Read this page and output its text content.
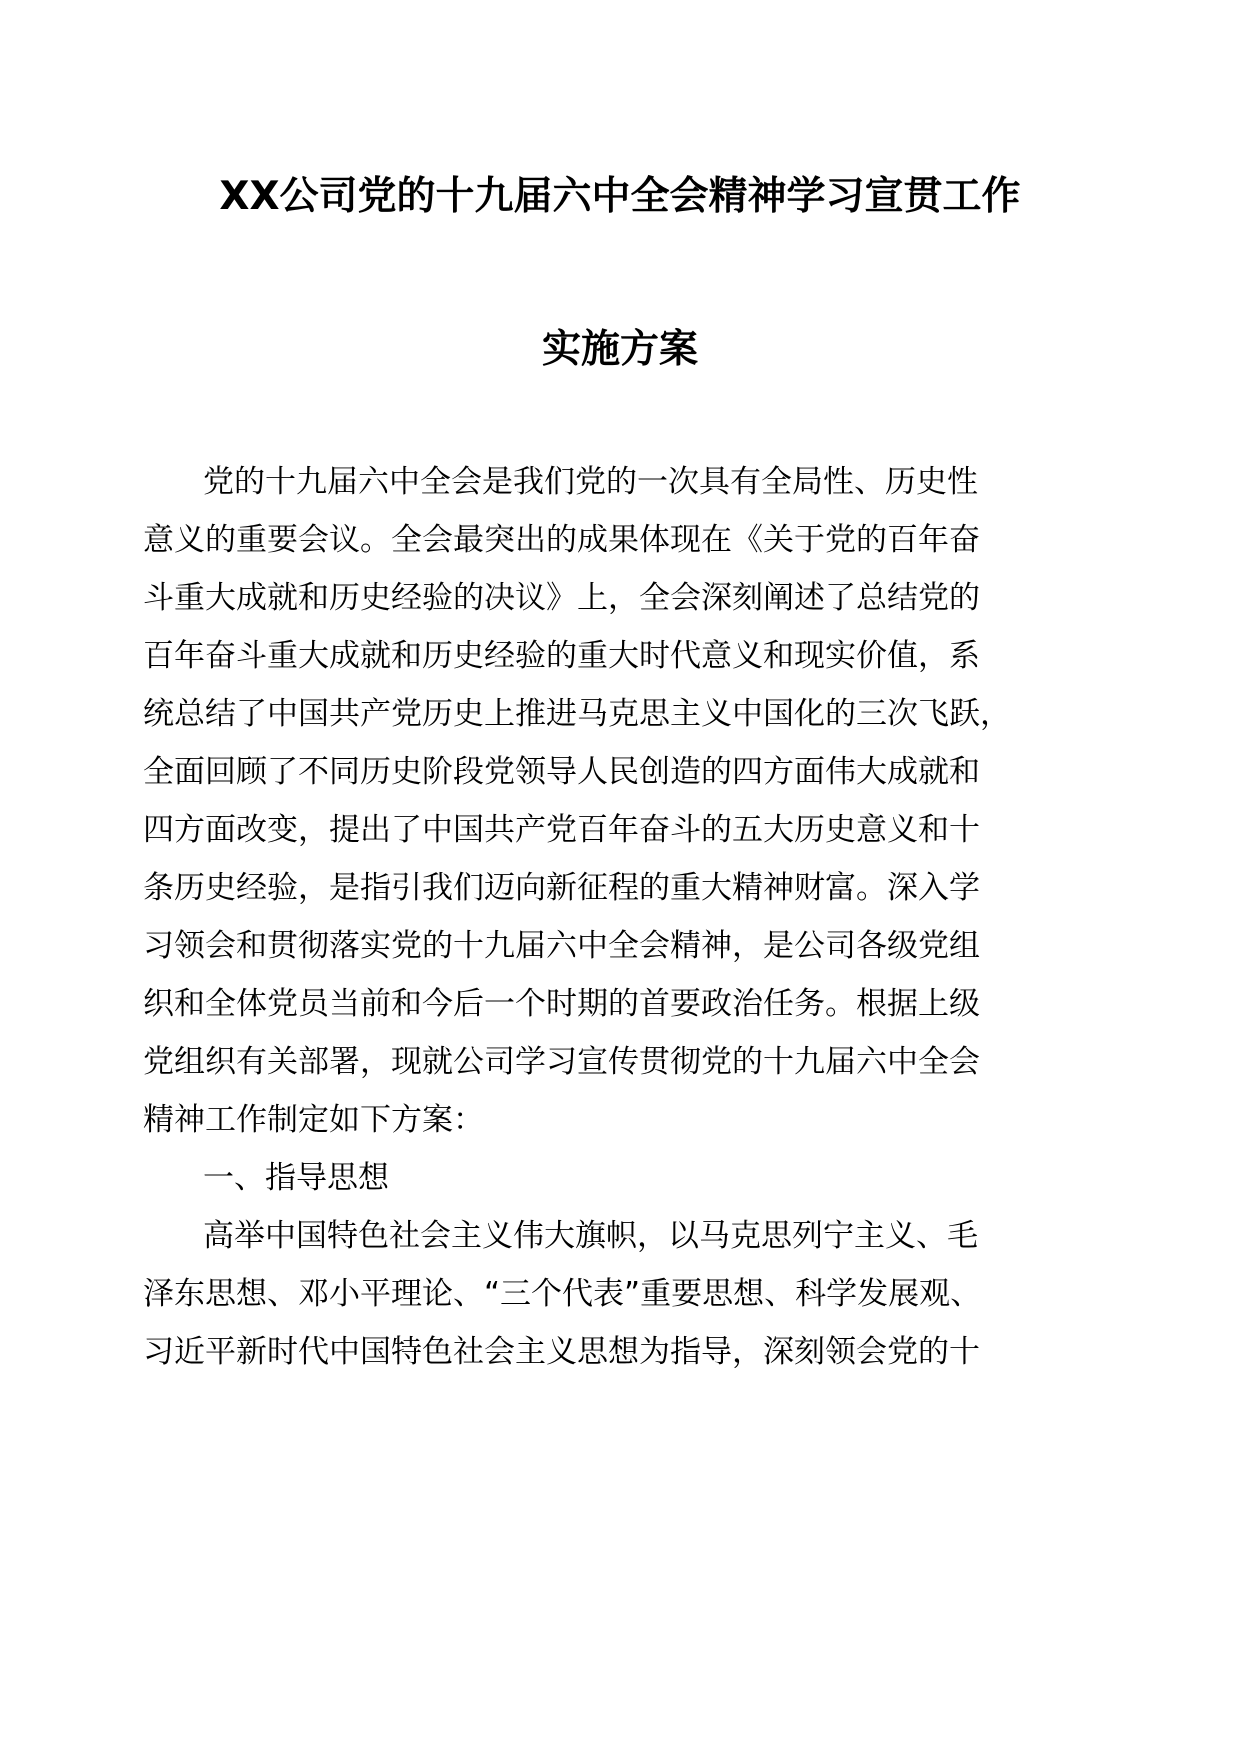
XX公司党的十九届六中全会精神学习宣贯工作
实施方案
党的十九届六中全会是我们党的一次具有全局性、历史性
意义的重要会议。全会最突出的成果体现在《关于党的百年奋
斗重大成就和历史经验的决议》上，全会深刻阐述了总结党的
百年奋斗重大成就和历史经验的重大时代意义和现实价值，系
统总结了中国共产党历史上推进马克思主义中国化的三次飞跃，
全面回顾了不同历史阶段党领导人民创造的四方面伟大成就和
四方面改变，提出了中国共产党百年奋斗的五大历史意义和十
条历史经验，是指引我们迈向新征程的重大精神财富。深入学
习领会和贯彻落实党的十九届六中全会精神，是公司各级党组
织和全体党员当前和今后一个时期的首要政治任务。根据上级
党组织有关部署，现就公司学习宣传贯彻党的十九届六中全会
精神工作制定如下方案：
一、指导思想
高举中国特色社会主义伟大旗帜，以马克思列宁主义、毛
泽东思想、邓小平理论、“三个代表”重要思想、科学发展观、
习近平新时代中国特色社会主义思想为指导，深刻领会党的十
